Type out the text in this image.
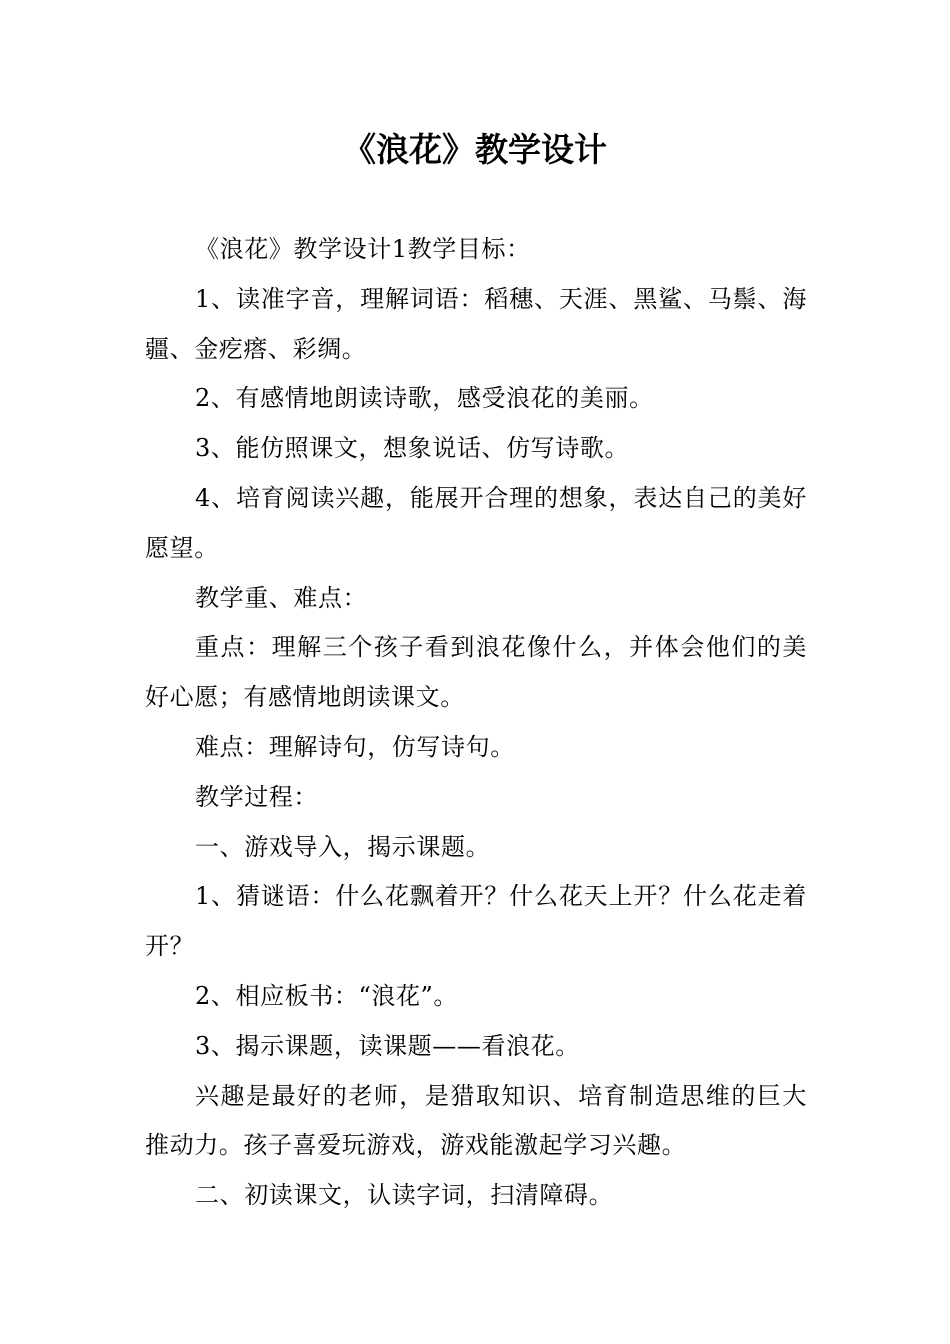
《浪花》教学设计

《浪花》教学设计1教学目标：

1、读准字音，理解词语：稻穗、天涯、黑鲨、马鬃、海疆、金疙瘩、彩绸。

2、有感情地朗读诗歌，感受浪花的美丽。

3、能仿照课文，想象说话、仿写诗歌。

4、培育阅读兴趣，能展开合理的想象，表达自己的美好愿望。

教学重、难点：

重点：理解三个孩子看到浪花像什么，并体会他们的美好心愿；有感情地朗读课文。

难点：理解诗句，仿写诗句。

教学过程：

一、游戏导入，揭示课题。

1、猜谜语：什么花飘着开？什么花天上开？什么花走着开？

2、相应板书：“浪花”。

3、揭示课题，读课题——看浪花。

兴趣是最好的老师，是猎取知识、培育制造思维的巨大推动力。孩子喜爱玩游戏，游戏能激起学习兴趣。

二、初读课文，认读字词，扫清障碍。
